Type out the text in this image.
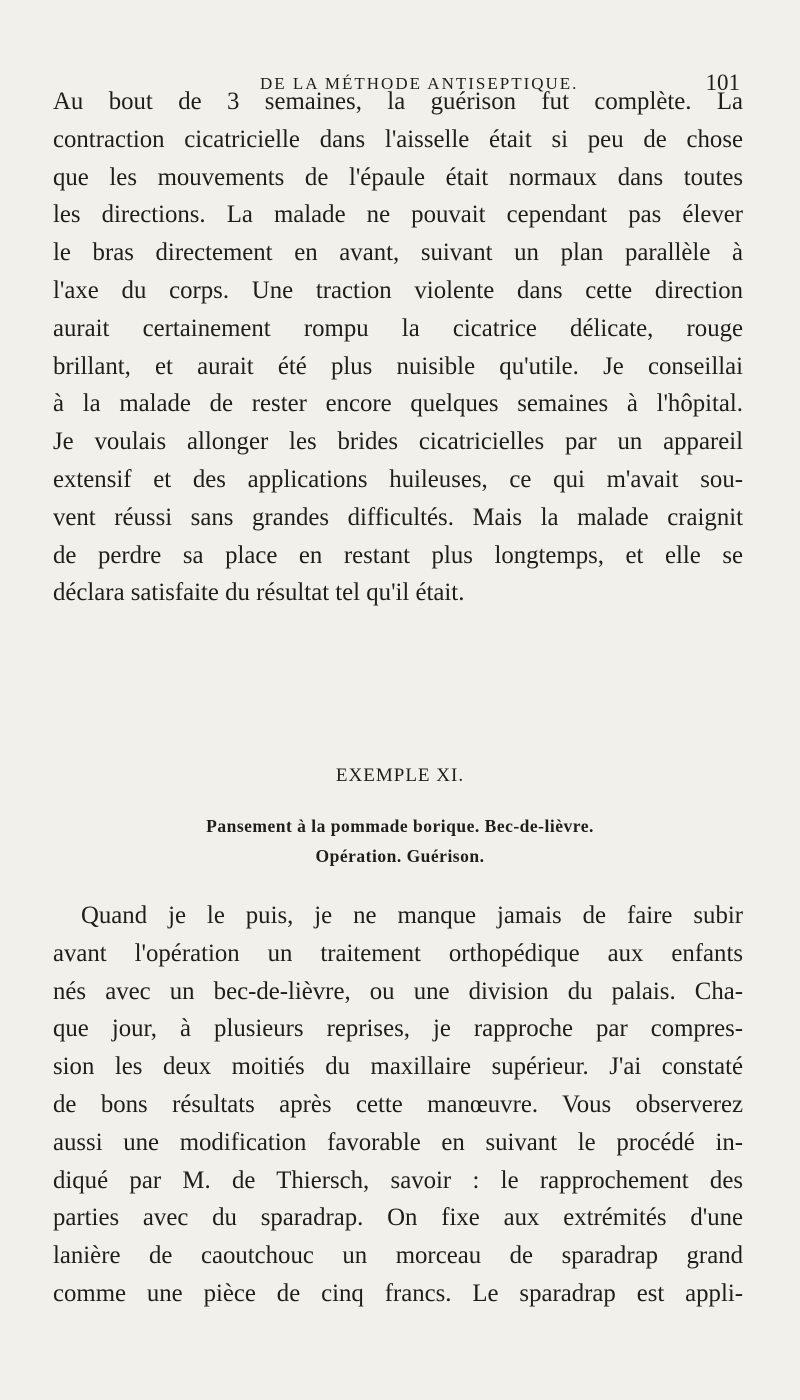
DE LA MÉTHODE ANTISEPTIQUE.	101
Au bout de 3 semaines, la guérison fut complète. La
contraction cicatricielle dans l'aisselle était si peu de chose
que les mouvements de l'épaule était normaux dans toutes
les directions. La malade ne pouvait cependant pas élever
le bras directement en avant, suivant un plan parallèle à
l'axe du corps. Une traction violente dans cette direction
aurait certainement rompu la cicatrice délicate, rouge
brillant, et aurait été plus nuisible qu'utile. Je conseillai
à la malade de rester encore quelques semaines à l'hôpital.
Je voulais allonger les brides cicatricielles par un appareil
extensif et des applications huileuses, ce qui m'avait sou-
vent réussi sans grandes difficultés. Mais la malade craignit
de perdre sa place en restant plus longtemps, et elle se
déclara satisfaite du résultat tel qu'il était.
EXEMPLE XI.
Pansement à la pommade borique. Bec-de-lièvre.
Opération. Guérison.
Quand je le puis, je ne manque jamais de faire subir
avant l'opération un traitement orthopédique aux enfants
nés avec un bec-de-lièvre, ou une division du palais. Cha-
que jour, à plusieurs reprises, je rapproche par compres-
sion les deux moitiés du maxillaire supérieur. J'ai constaté
de bons résultats après cette manœuvre. Vous observerez
aussi une modification favorable en suivant le procédé in-
diqué par M. de Thiersch, savoir : le rapprochement des
parties avec du sparadrap. On fixe aux extrémités d'une
lanière de caoutchouc un morceau de sparadrap grand
comme une pièce de cinq francs. Le sparadrap est appli-
